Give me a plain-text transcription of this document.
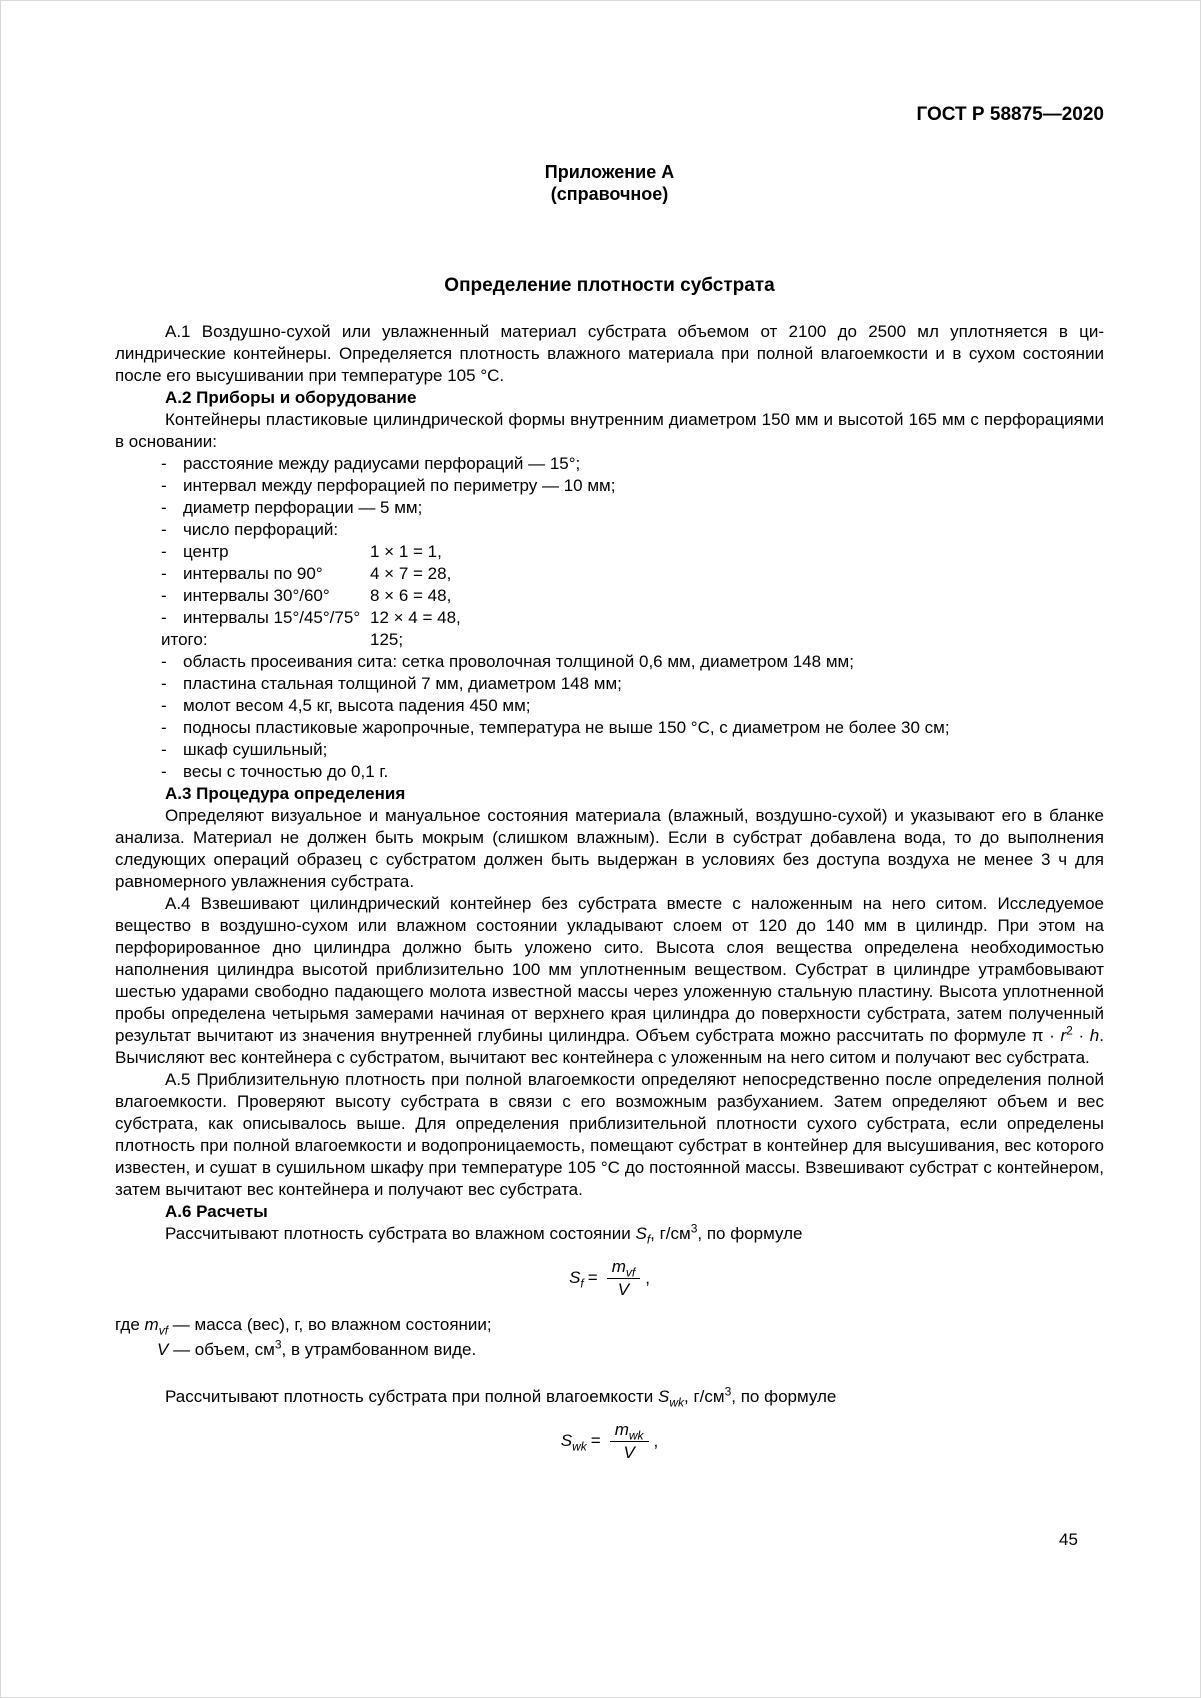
ГОСТ Р 58875—2020

Приложение А

(справочное)

Определение плотности субстрата

А.1 Воздушно-сухой или увлажненный материал субстрата объемом от 2100 до 2500 мл уплотняется в цилиндрические контейнеры. Определяется плотность влажного материала при полной влагоемкости и в сухом состоянии после его высушивании при температуре 105 °С.

А.2 Приборы и оборудование

Контейнеры пластиковые цилиндрической формы внутренним диаметром 150 мм и высотой 165 мм с перфорациями в основании:

- расстояние между радиусами перфораций — 15°;
- интервал между перфорацией по периметру — 10 мм;
- диаметр перфорации — 5 мм;
- число перфораций:
- центр	1 × 1 = 1,
- интервалы по 90°	4 × 7 = 28,
- интервалы 30°/60° 8 × 6 = 48,
- интервалы 15°/45°/75° 12 × 4 = 48,
итого:	125;
- область просеивания сита: сетка проволочная толщиной 0,6 мм, диаметром 148 мм;
- пластина стальная толщиной 7 мм, диаметром 148 мм;
- молот весом 4,5 кг, высота падения 450 мм;
- подносы пластиковые жаропрочные, температура не выше 150 °С, с диаметром не более 30 см;
- шкаф сушильный;
- весы с точностью до 0,1 г.

А.3 Процедура определения

Определяют визуальное и мануальное состояния материала (влажный, воздушно-сухой) и указывают его в бланке анализа. Материал не должен быть мокрым (слишком влажным). Если в субстрат добавлена вода, то до выполнения следующих операций образец с субстратом должен быть выдержан в условиях без доступа воздуха не менее 3 ч для равномерного увлажнения субстрата.

А.4 Взвешивают цилиндрический контейнер без субстрата вместе с наложенным на него ситом. Исследуемое вещество в воздушно-сухом или влажном состоянии укладывают слоем от 120 до 140 мм в цилиндр. При этом на перфорированное дно цилиндра должно быть уложено сито. Высота слоя вещества определена необходимостью наполнения цилиндра высотой приблизительно 100 мм уплотненным веществом. Субстрат в цилиндре утрамбовывают шестью ударами свободно падающего молота известной массы через уложенную стальную пластину. Высота уплотненной пробы определена четырьмя замерами начиная от верхнего края цилиндра до поверхности субстрата, затем полученный результат вычитают из значения внутренней глубины цилиндра. Объем субстрата можно рассчитать по формуле $\pi \cdot r^2 \cdot h$. Вычисляют вес контейнера с субстратом, вычитают вес контейнера с уложенным на него ситом и получают вес субстрата.

А.5 Приблизительную плотность при полной влагоемкости определяют непосредственно после определения полной влагоемкости. Проверяют высоту субстрата в связи с его возможным разбуханием. Затем определяют объем и вес субстрата, как описывалось выше. Для определения приблизительной плотности сухого субстрата, если определены плотность при полной влагоемкости и водопроницаемость, помещают субстрат в контейнер для высушивания, вес которого известен, и сушат в сушильном шкафу при температуре 105 °С до постоянной массы. Взвешивают субстрат с контейнером, затем вычитают вес контейнера и получают вес субстрата.

А.6 Расчеты

Рассчитывают плотность субстрата во влажном состоянии $S_f$, $г/см^3$, по формуле

$S_f = \frac{m_{vf}}{V}$ ,

где $m_{vf}$ — масса (вес), г, во влажном состоянии;

V — объем, $см^3$, в утрамбованном виде.

Рассчитывают плотность субстрата при полной влагоемкости $S_{wk}$, $г/см^3$, по формуле

$S_{wk} = \frac{m_{wk}}{V}$ ,
45
